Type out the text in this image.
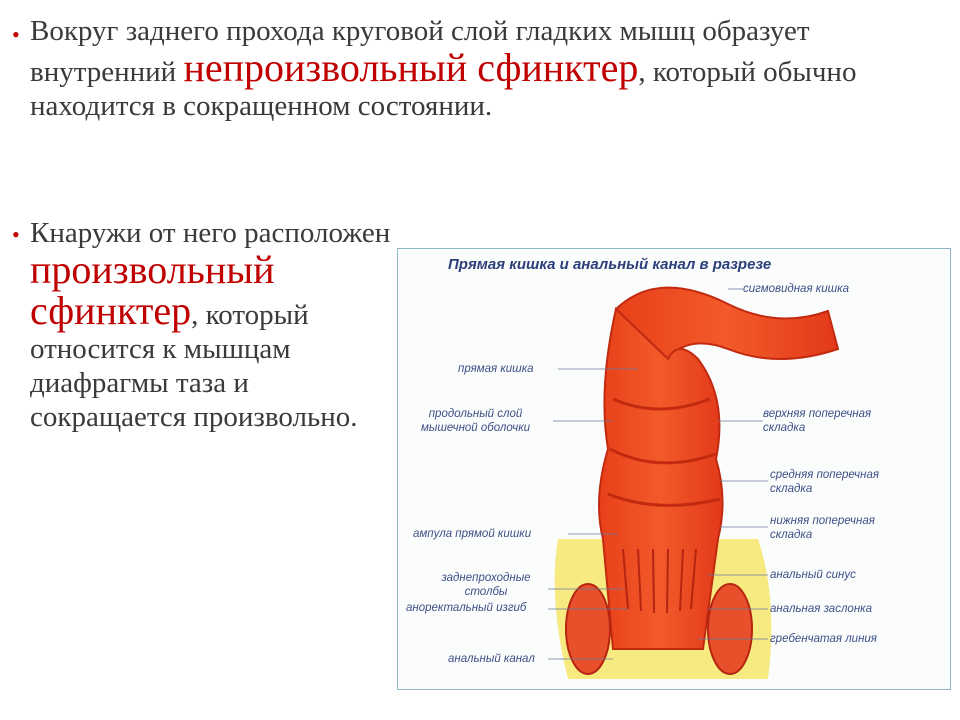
• Вокруг заднего прохода круговой слой гладких мышц образует внутренний непроизвольный сфинктер, который обычно находится в сокращенном состоянии.

• Кнаружи от него расположен произвольный сфинктер, который относится к мышцам диафрагмы таза и сокращается произвольно.

Прямая кишка и анальный канал в разрезе
сигмовидная кишка
прямая кишка
продольный слой мышечной оболочки
верхняя поперечная складка
средняя поперечная складка
ампула прямой кишки
нижняя поперечная складка
заднепроходные столбы
анальный синус
аноректальный изгиб	анальная заслонка
гребенчатая линия
анальный канал
